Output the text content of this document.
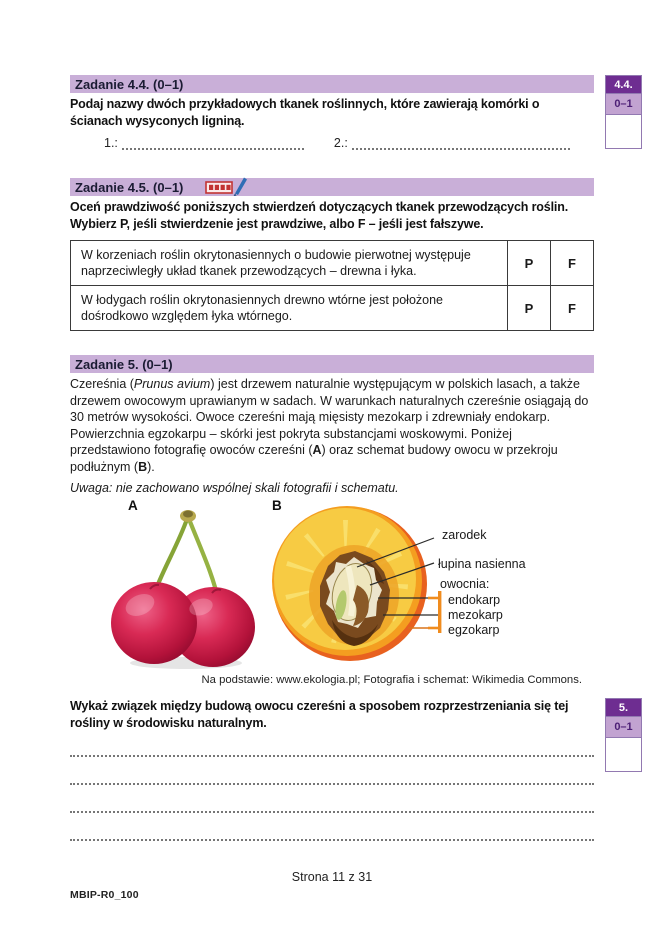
Zadanie 4.4. (0–1)
Podaj nazwy dwóch przykładowych tkanek roślinnych, które zawierają komórki o ścianach wysyconych ligniną.
1.:	2.:
4.4.
0–1
Zadanie 4.5. (0–1)
Oceń prawdziwość poniższych stwierdzeń dotyczących tkanek przewodzących roślin. Wybierz P, jeśli stwierdzenie jest prawdziwe, albo F – jeśli jest fałszywe.
W korzeniach roślin okrytonasiennych o budowie pierwotnej występuje naprzeciwległy układ tkanek przewodzących – drewna i łyka.	P	F
W łodygach roślin okrytonasiennych drewno wtórne jest położone dośrodkowo względem łyka wtórnego.	P	F
Zadanie 5. (0–1)
Czereśnia (Prunus avium) jest drzewem naturalnie występującym w polskich lasach, a także drzewem owocowym uprawianym w sadach. W warunkach naturalnych czereśnie osiągają do 30 metrów wysokości. Owoce czereśni mają mięsisty mezokarp i zdrewniały endokarp. Powierzchnia egzokarpu – skórki jest pokryta substancjami woskowymi. Poniżej przedstawiono fotografię owoców czereśni (A) oraz schemat budowy owocu w przekroju podłużnym (B).
Uwaga: nie zachowano wspólnej skali fotografii i schematu.
A	B
zarodek
łupina nasienna
owocnia:
endokarp
mezokarp
egzokarp
Na podstawie: www.ekologia.pl; Fotografia i schemat: Wikimedia Commons.
Wykaż związek między budową owocu czereśni a sposobem rozprzestrzeniania się tej rośliny w środowisku naturalnym.
5.
0–1
Strona 11 z 31
MBIP-R0_100
